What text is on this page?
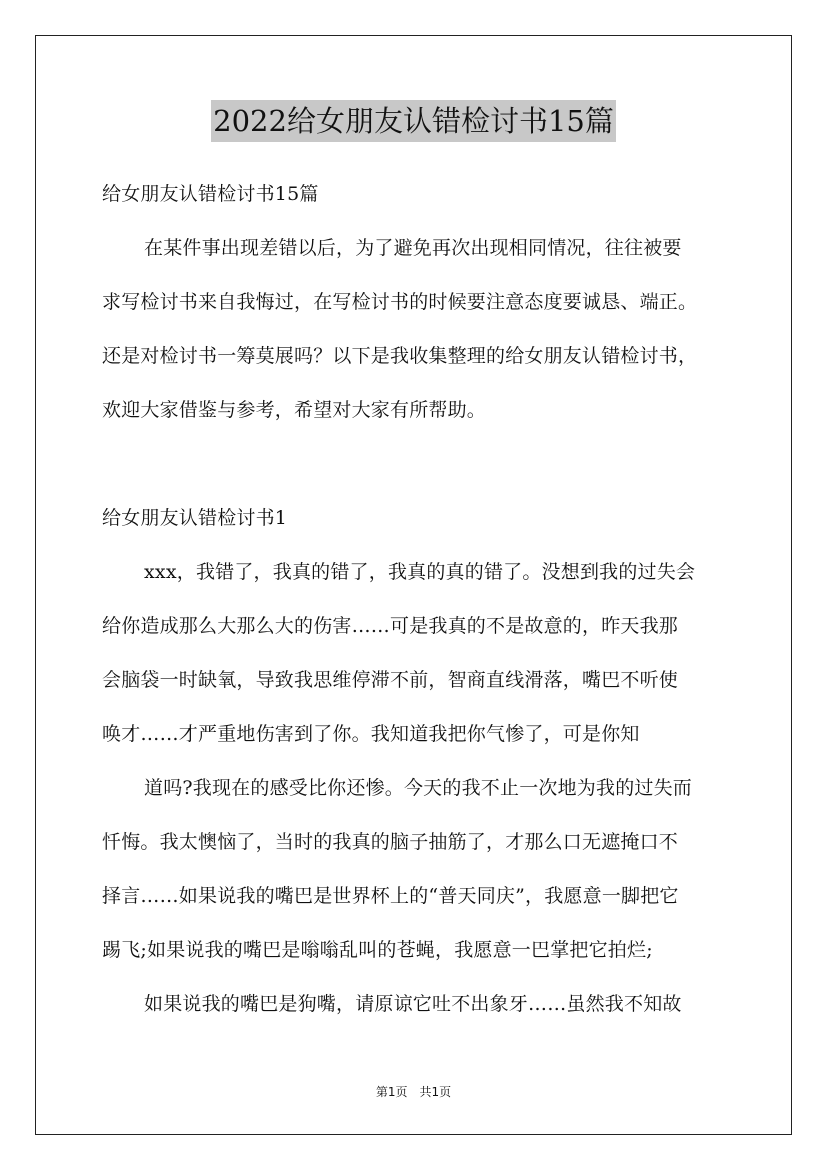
2022给女朋友认错检讨书15篇
给女朋友认错检讨书15篇
在某件事出现差错以后，为了避免再次出现相同情况，往往被要
求写检讨书来自我悔过，在写检讨书的时候要注意态度要诚恳、端正。
还是对检讨书一筹莫展吗？以下是我收集整理的给女朋友认错检讨书，
欢迎大家借鉴与参考，希望对大家有所帮助。
给女朋友认错检讨书1
xxx，我错了，我真的错了，我真的真的错了。没想到我的过失会
给你造成那么大那么大的伤害……可是我真的不是故意的，昨天我那
会脑袋一时缺氧，导致我思维停滞不前，智商直线滑落，嘴巴不听使
唤才……才严重地伤害到了你。我知道我把你气惨了，可是你知
道吗?我现在的感受比你还惨。今天的我不止一次地为我的过失而
忏悔。我太懊恼了，当时的我真的脑子抽筋了，才那么口无遮掩口不
择言……如果说我的嘴巴是世界杯上的“普天同庆”，我愿意一脚把它
踢飞;如果说我的嘴巴是嗡嗡乱叫的苍蝇，我愿意一巴掌把它拍烂;
如果说我的嘴巴是狗嘴，请原谅它吐不出象牙……虽然我不知故
第1页　共1页
